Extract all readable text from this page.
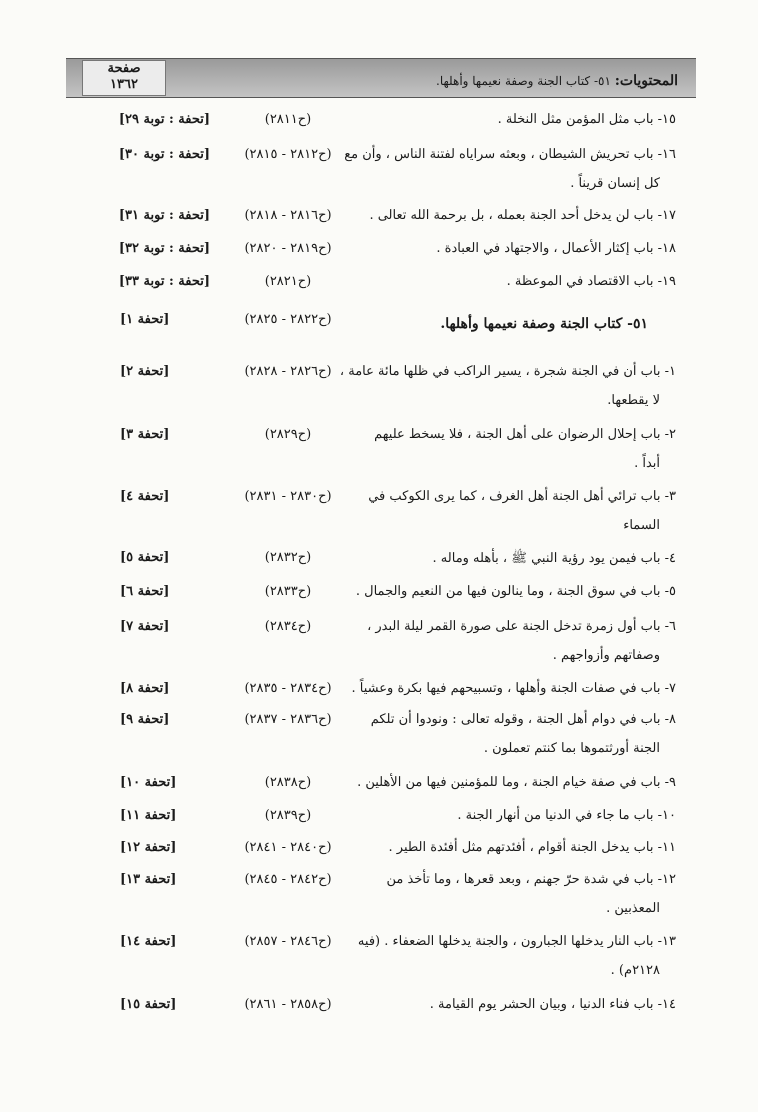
المحتويات: ٥١- كتاب الجنة وصفة نعيمها وأهلها.
صفحة
١٣٦٢
١٥- باب مثل المؤمن مثل النخلة .
(ح٢٨١١)
[تحفة : توبة ٢٩]
١٦- باب تحريش الشيطان ، وبعثه سراياه لفتنة الناس ، وأن مع
كل إنسان قريناً .
(ح٢٨١٢ - ٢٨١٥)
[تحفة : توبة ٣٠]
١٧- باب لن يدخل أحد الجنة بعمله ، بل برحمة الله تعالى .
(ح٢٨١٦ - ٢٨١٨)
[تحفة : توبة ٣١]
١٨- باب إكثار الأعمال ، والاجتهاد في العبادة .
(ح٢٨١٩ - ٢٨٢٠)
[تحفة : توبة ٣٢]
١٩- باب الاقتصاد في الموعظة .
(ح٢٨٢١)
[تحفة : توبة ٣٣]
(ح٢٨٢٢ - ٢٨٢٥)
[تحفة ١]	٥١- كتاب الجنة وصفة نعيمها وأهلها.
١- باب أن في الجنة شجرة ، يسير الراكب في ظلها مائة عامة ،
لا يقطعها.
(ح٢٨٢٦ - ٢٨٢٨)
[تحفة ٢]
٢- باب إحلال الرضوان على أهل الجنة ، فلا يسخط عليهم
أبداً .
(ح٢٨٢٩)
[تحفة ٣]
٣- باب ترائي أهل الجنة أهل الغرف ، كما يرى الكوكب في
السماء
(ح٢٨٣٠ - ٢٨٣١)
[تحفة ٤]
٤- باب فيمن يود رؤية النبي ﷺ ، بأهله وماله .
(ح٢٨٣٢)
[تحفة ٥]
٥- باب في سوق الجنة ، وما ينالون فيها من النعيم والجمال .
(ح٢٨٣٣)
[تحفة ٦]
٦- باب أول زمرة تدخل الجنة على صورة القمر ليلة البدر ،
وصفاتهم وأزواجهم .
(ح٢٨٣٤)
[تحفة ٧]
٧- باب في صفات الجنة وأهلها ، وتسبيحهم فيها بكرة وعشياً .
(ح٢٨٣٤ - ٢٨٣٥)
[تحفة ٨]
٨- باب في دوام أهل الجنة ، وقوله تعالى : ونودوا أن تلكم
الجنة أورثتموها بما كنتم تعملون .
(ح٢٨٣٦ - ٢٨٣٧)
[تحفة ٩]
٩- باب في صفة خيام الجنة ، وما للمؤمنين فيها من الأهلين .
(ح٢٨٣٨)
[تحفة ١٠]
١٠- باب ما جاء في الدنيا من أنهار الجنة .
(ح٢٨٣٩)
[تحفة ١١]
١١- باب يدخل الجنة أقوام ، أفئدتهم مثل أفئدة الطير .
(ح٢٨٤٠ - ٢٨٤١)
[تحفة ١٢]
١٢- باب في شدة حرّ جهنم ، وبعد قعرها ، وما تأخذ من
المعذبين .
(ح٢٨٤٢ - ٢٨٤٥)
[تحفة ١٣]
١٣- باب النار يدخلها الجبارون ، والجنة يدخلها الضعفاء . (فيه
٢١٢٨م) .
(ح٢٨٤٦ - ٢٨٥٧)
[تحفة ١٤]
١٤- باب فناء الدنيا ، وبيان الحشر يوم القيامة .
(ح٢٨٥٨ - ٢٨٦١)
[تحفة ١٥]
